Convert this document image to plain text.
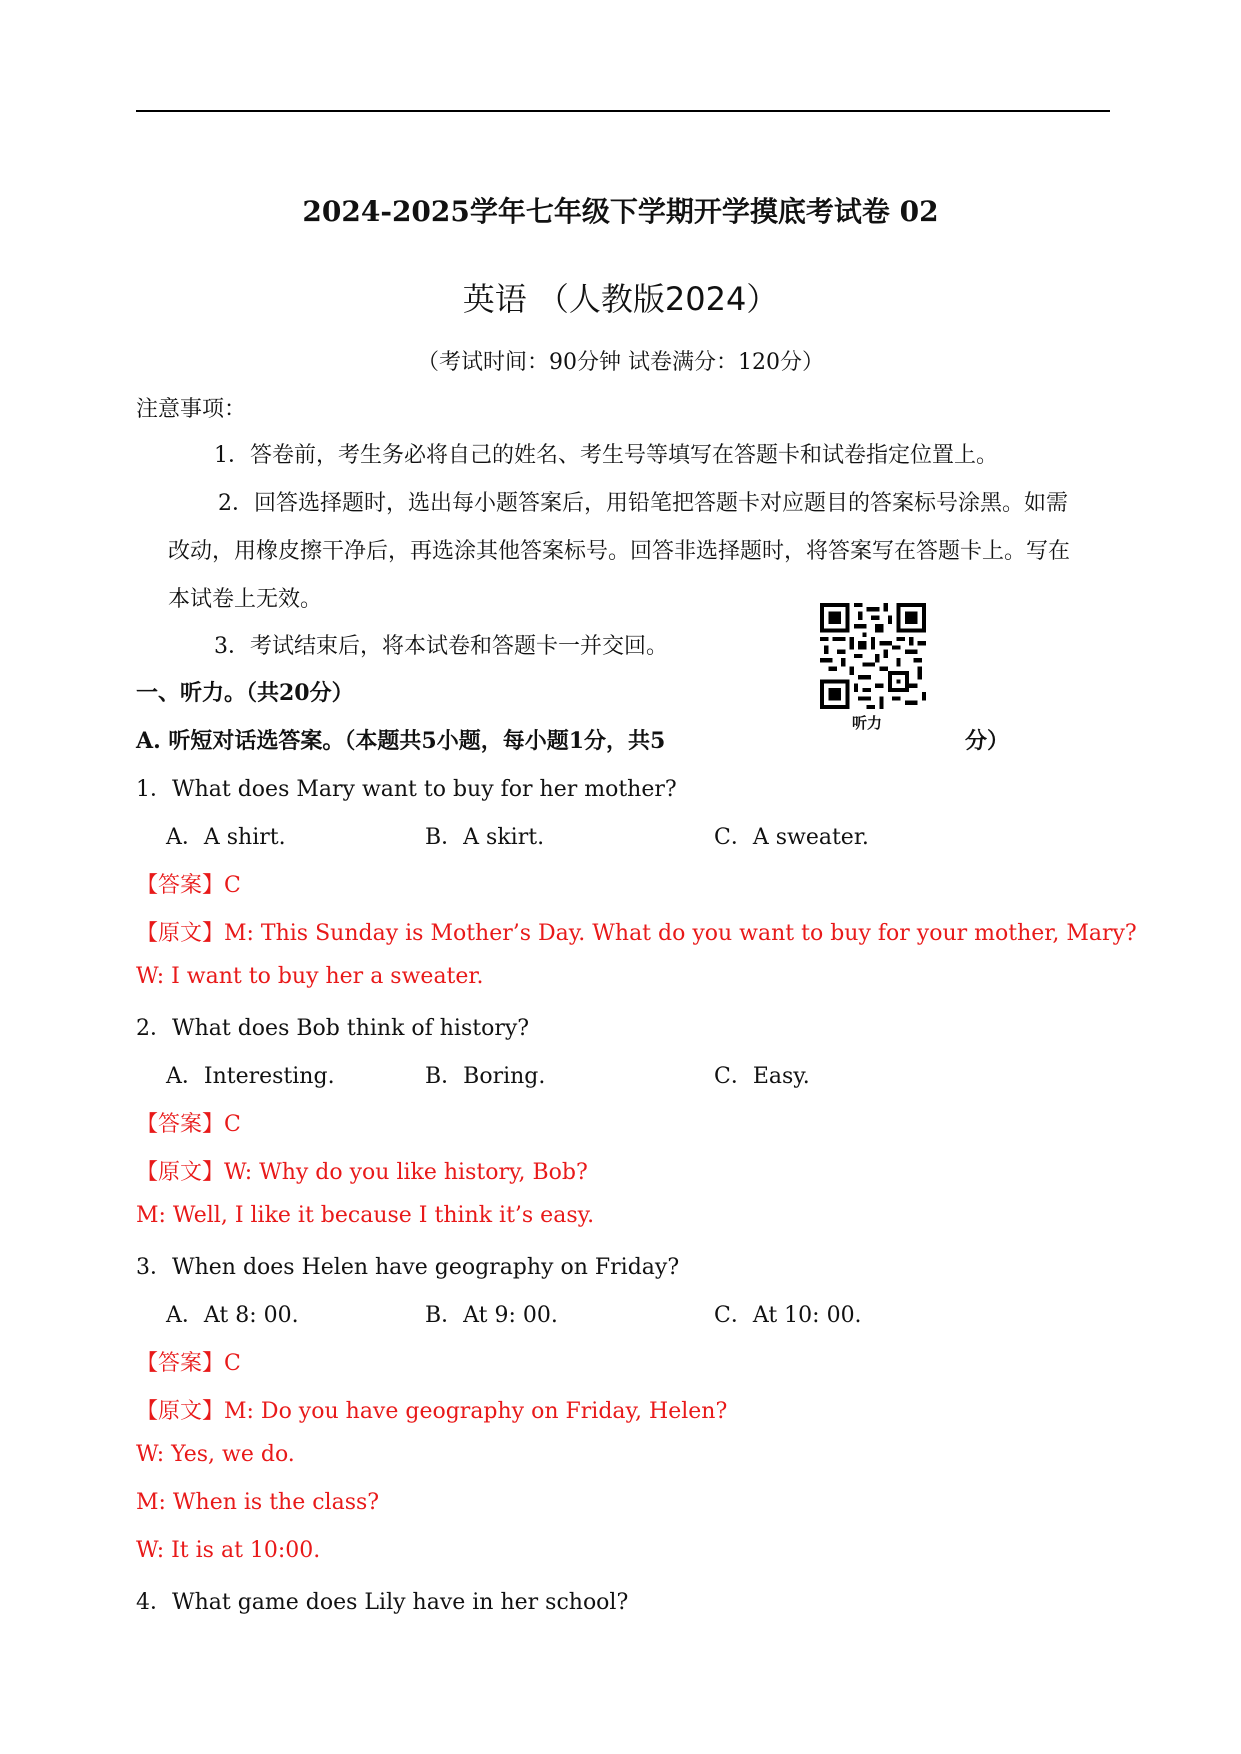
2024-2025学年七年级下学期开学摸底考试卷 02
英语 （人教版2024）
（考试时间：90分钟 试卷满分：120分）
注意事项：
1．答卷前，考生务必将自己的姓名、考生号等填写在答题卡和试卷指定位置上。
2．回答选择题时，选出每小题答案后，用铅笔把答题卡对应题目的答案标号涂黑。如需
改动，用橡皮擦干净后，再选涂其他答案标号。回答非选择题时，将答案写在答题卡上。写在
本试卷上无效。
3．考试结束后，将本试卷和答题卡一并交回。
听力
一、听力。（共20分）
A. 听短对话选答案。（本题共5小题，每小题1分，共5	分）
1．What does Mary want to buy for her mother?
A．A shirt.	B．A skirt.	C．A sweater.
【答案】C
【原文】M: This Sunday is Mother’s Day. What do you want to buy for your mother, Mary?
W: I want to buy her a sweater.
2．What does Bob think of history?
A．Interesting.	B．Boring.	C．Easy.
【答案】C
【原文】W: Why do you like history, Bob?
M: Well, I like it because I think it’s easy.
3．When does Helen have geography on Friday?
A．At 8: 00.	B．At 9: 00.	C．At 10: 00.
【答案】C
【原文】M: Do you have geography on Friday, Helen?
W: Yes, we do.
M: When is the class?
W: It is at 10:00.
4．What game does Lily have in her school?
